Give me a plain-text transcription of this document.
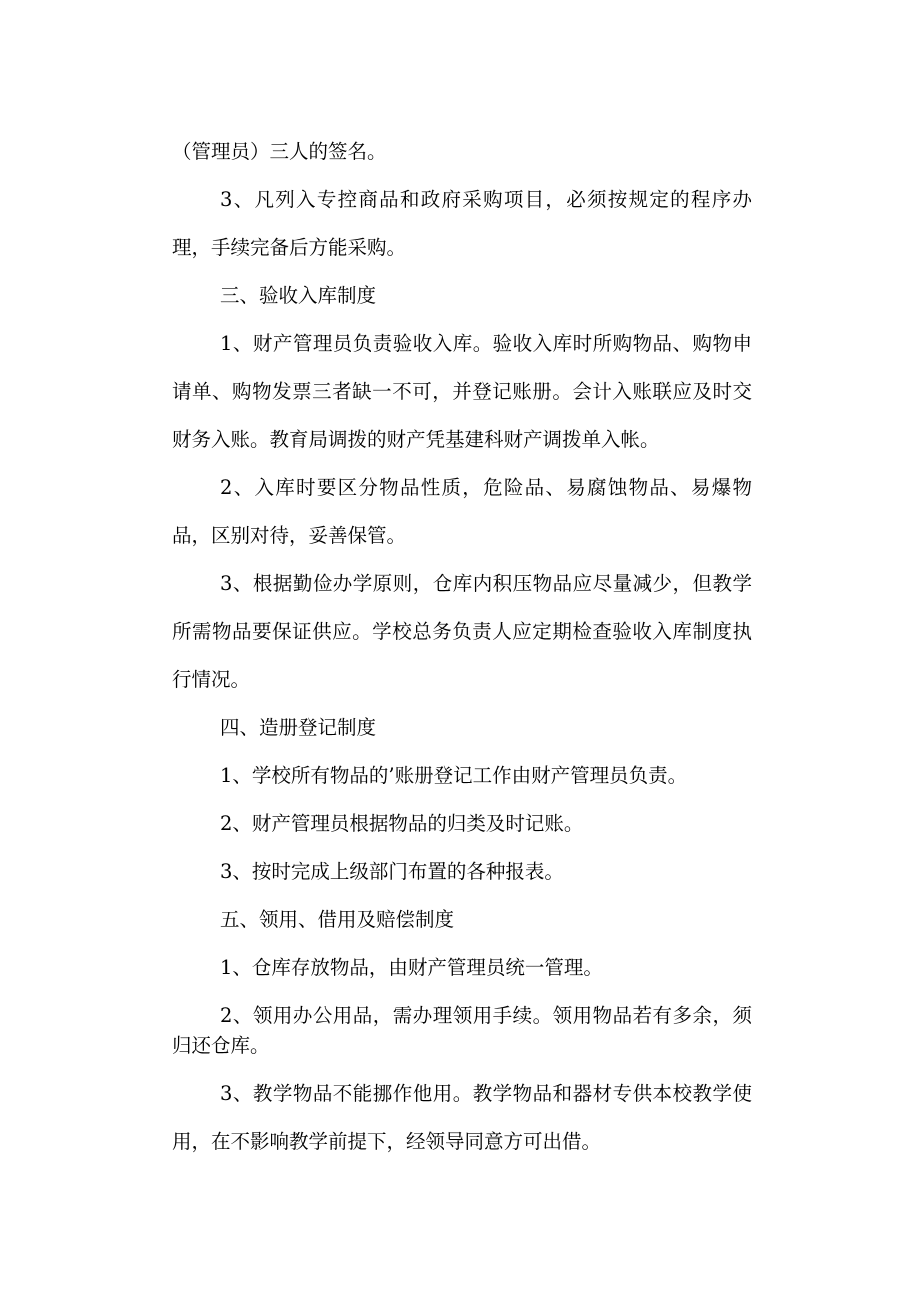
（管理员）三人的签名。

3、凡列入专控商品和政府采购项目，必须按规定的程序办理，手续完备后方能采购。

三、验收入库制度

1、财产管理员负责验收入库。验收入库时所购物品、购物申请单、购物发票三者缺一不可，并登记账册。会计入账联应及时交财务入账。教育局调拨的财产凭基建科财产调拨单入帐。

2、入库时要区分物品性质，危险品、易腐蚀物品、易爆物品，区别对待，妥善保管。

3、根据勤俭办学原则，仓库内积压物品应尽量减少，但教学所需物品要保证供应。学校总务负责人应定期检查验收入库制度执行情况。

四、造册登记制度

1、学校所有物品的’账册登记工作由财产管理员负责。

2、财产管理员根据物品的归类及时记账。

3、按时完成上级部门布置的各种报表。

五、领用、借用及赔偿制度

1、仓库存放物品，由财产管理员统一管理。

2、领用办公用品，需办理领用手续。领用物品若有多余，须归还仓库。

3、教学物品不能挪作他用。教学物品和器材专供本校教学使用，在不影响教学前提下，经领导同意方可出借。
